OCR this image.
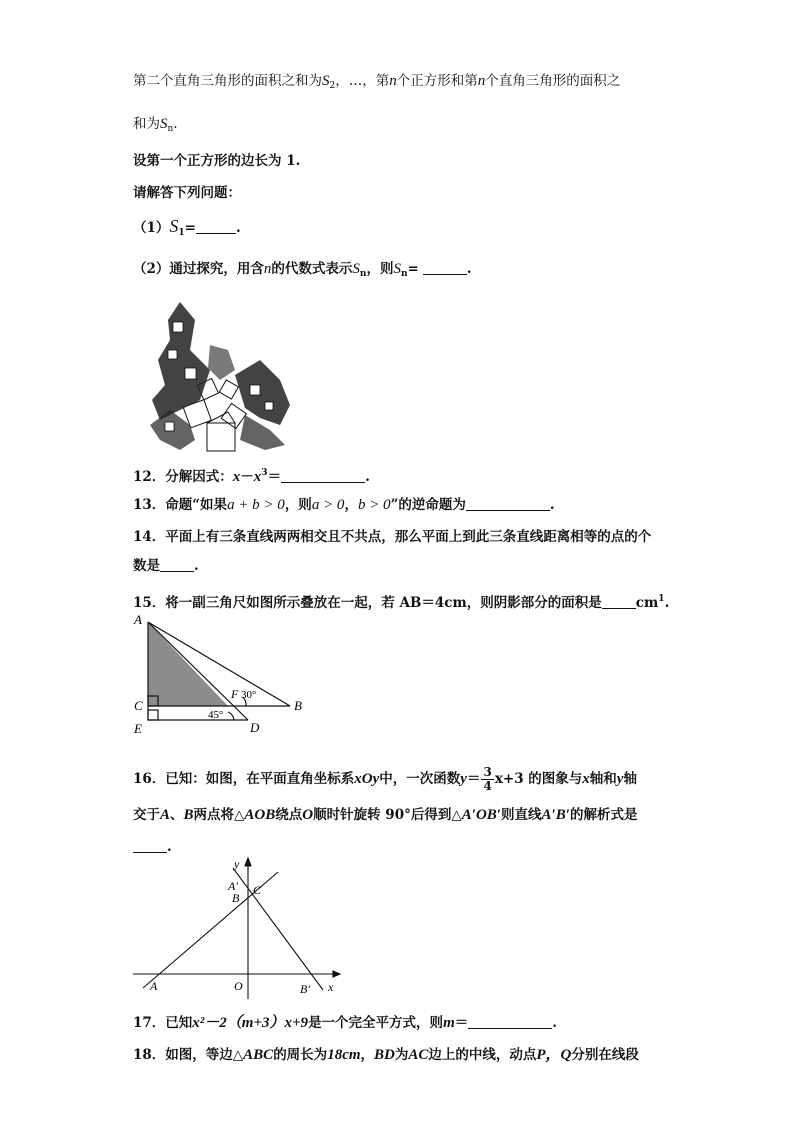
第二个直角三角形的面积之和为$S_2$，…，第n个正方形和第n个直角三角形的面积之
和为$S_n$.
设第一个正方形的边长为 1.
请解答下列问题：
$(1)S_1=$	.
（2）通过探究，用含n的代数式表示$S_n$，则$S_n=$	.
12．分解因式：$x-x^3=$	.
13．命题“如果a + b > 0，则a > 0，b > 0”的逆命题为	.
14．平面上有三条直线两两相交且不共点，那么平面上到此三条直线距离相等的点的个
数是	.
15．将一副三角尺如图所示叠放在一起，若 AB＝4cm，则阴影部分的面积是	$cm^1$.
A
B
C
D
E
F 30°
45°
16．已知：如图，在平面直角坐标系xOy中，一次函数$y= \frac{3}{4} x+3$ 的图象与x轴和y轴
交于A、B两点将△AOB绕点O顺时针旋转 90°后得到△A′OB′则直线A′B′的解析式是
.
y
x
A
B
C
A′
B′
O
17．已知x²－2（m+3）x+9是一个完全平方式，则m＝	.
18．如图，等边△ABC的周长为18cm，BD为AC边上的中线，动点P，Q分别在线段
